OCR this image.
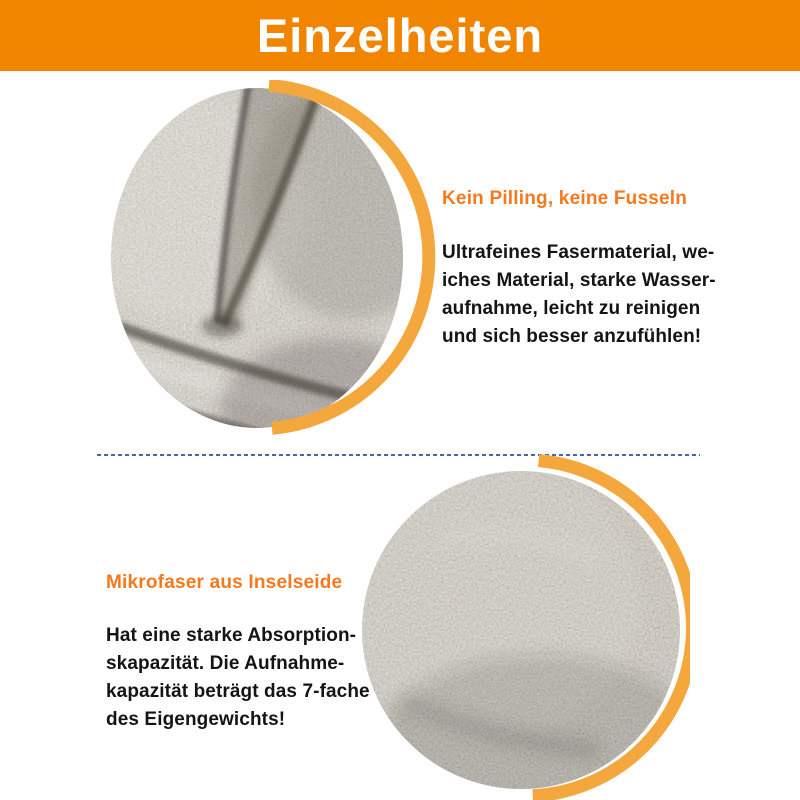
Einzelheiten
Kein Pilling, keine Fusseln

Ultrafeines Fasermaterial, we-
iches Material, starke Wasser-
aufnahme, leicht zu reinigen
und sich besser anzufühlen!

Mikrofaser aus Inselseide

Hat eine starke Absorption-
skapazität. Die Aufnahme-
kapazität beträgt das 7-fache
des Eigengewichts!
